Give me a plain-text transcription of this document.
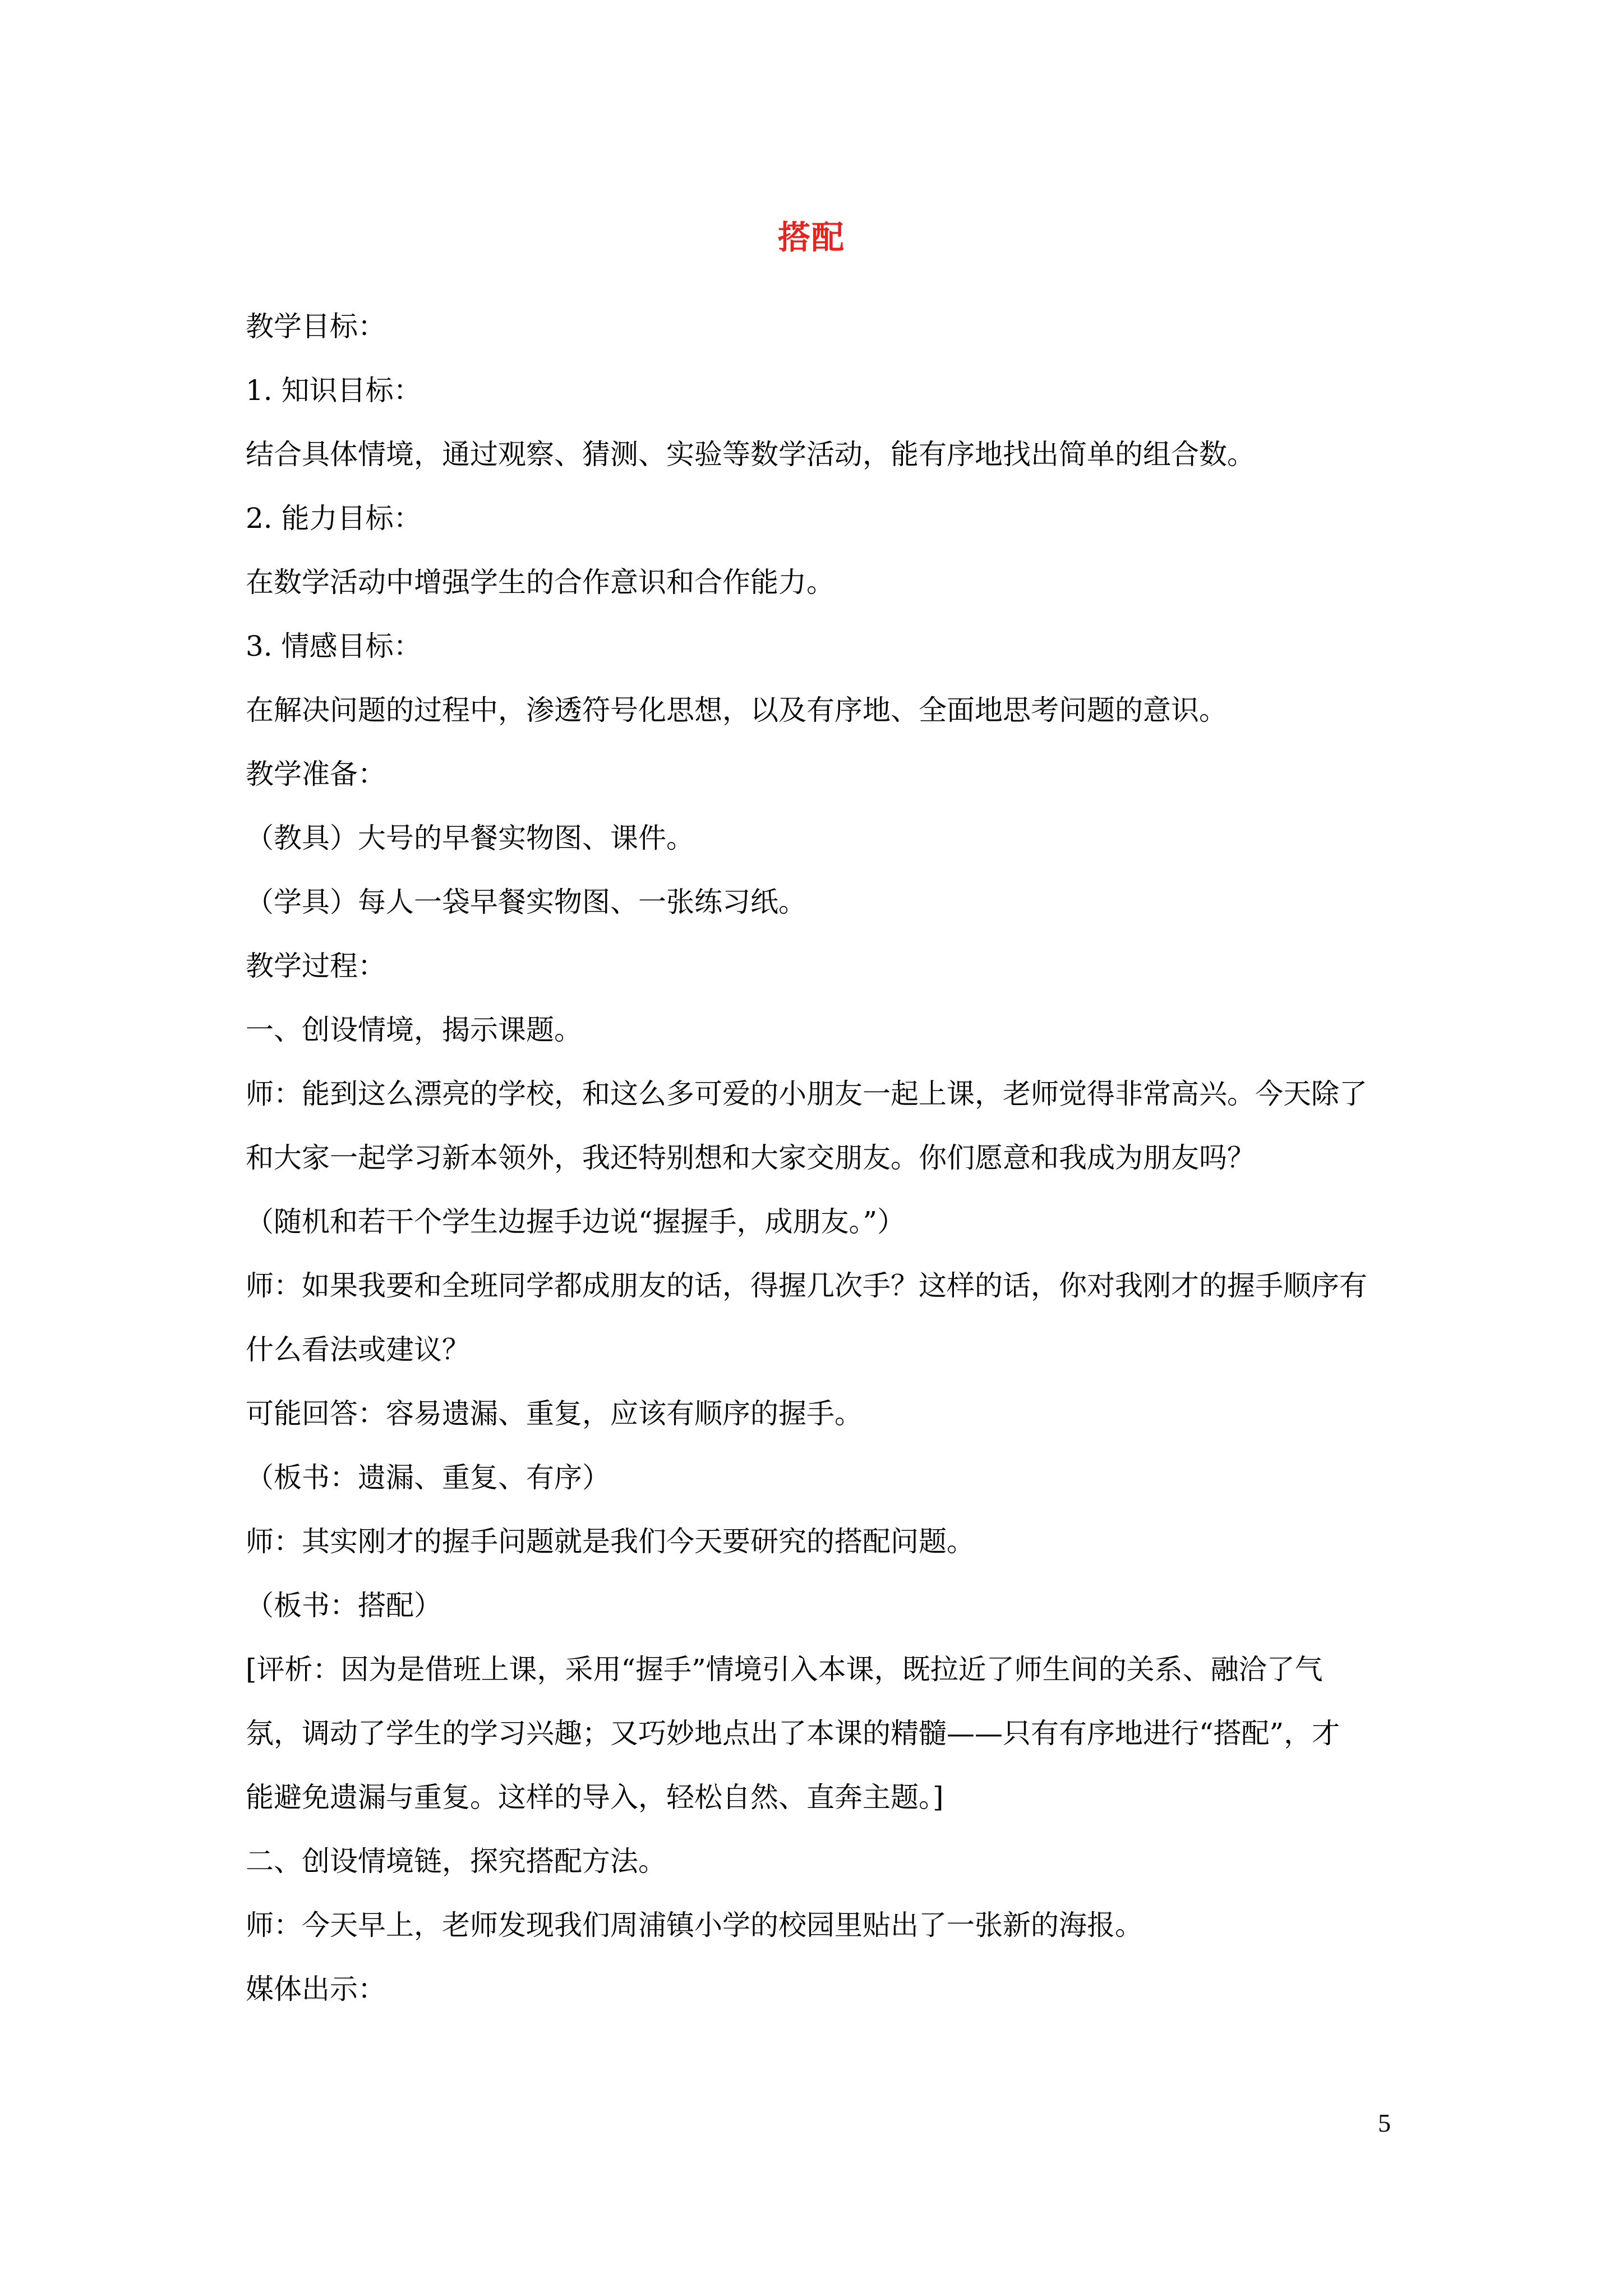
搭配
教学目标：
1. 知识目标：
结合具体情境，通过观察、猜测、实验等数学活动，能有序地找出简单的组合数。
2. 能力目标：
在数学活动中增强学生的合作意识和合作能力。
3. 情感目标：
在解决问题的过程中，渗透符号化思想，以及有序地、全面地思考问题的意识。
教学准备：
（教具）大号的早餐实物图、课件。
（学具）每人一袋早餐实物图、一张练习纸。
教学过程：
一、创设情境，揭示课题。
师：能到这么漂亮的学校，和这么多可爱的小朋友一起上课，老师觉得非常高兴。今天除了
和大家一起学习新本领外，我还特别想和大家交朋友。你们愿意和我成为朋友吗？
（随机和若干个学生边握手边说“握握手，成朋友。”）
师：如果我要和全班同学都成朋友的话，得握几次手？这样的话，你对我刚才的握手顺序有
什么看法或建议？
可能回答：容易遗漏、重复，应该有顺序的握手。
（板书：遗漏、重复、有序）
师：其实刚才的握手问题就是我们今天要研究的搭配问题。
（板书：搭配）
[评析：因为是借班上课，采用“握手”情境引入本课，既拉近了师生间的关系、融洽了气
氛，调动了学生的学习兴趣；又巧妙地点出了本课的精髓——只有有序地进行“搭配”，才
能避免遗漏与重复。这样的导入，轻松自然、直奔主题。]
二、创设情境链，探究搭配方法。
师：今天早上，老师发现我们周浦镇小学的校园里贴出了一张新的海报。
媒体出示：
5
